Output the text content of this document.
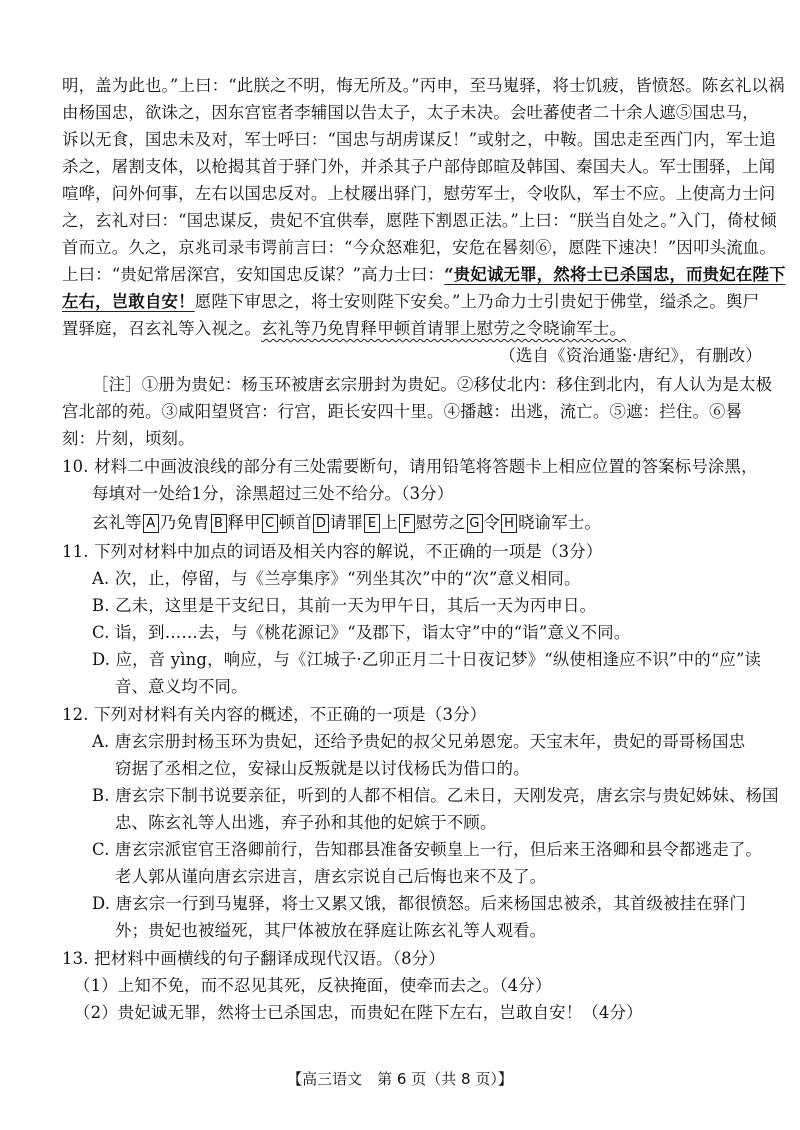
明，盖为此也。”上曰：“此朕之不明，悔无所及。”丙申，至马嵬驿，将士饥疲，皆愤怒。陈玄礼以祸
由杨国忠，欲诛之，因东宫宦者李辅国以告太子，太子未决。会吐蕃使者二十余人遮⑤国忠马，
诉以无食，国忠未及对，军士呼曰：“国忠与胡虏谋反！”或射之，中鞍。国忠走至西门内，军士追
杀之，屠割支体，以枪揭其首于驿门外，并杀其子户部侍郎暄及韩国、秦国夫人。军士围驿，上闻
喧哗，问外何事，左右以国忠反对。上杖屦出驿门，慰劳军士，令收队，军士不应。上使高力士问
之，玄礼对曰：“国忠谋反，贵妃不宜供奉，愿陛下割恩正法。”上曰：“朕当自处之。”入门，倚杖倾
首而立。久之，京兆司录韦谔前言曰：“今众怒难犯，安危在晷刻⑥，愿陛下速决！”因叩头流血。
上曰：“贵妃常居深宫，安知国忠反谋？”高力士曰：“贵妃诚无罪，然将士已杀国忠，而贵妃在陛下
左右，岂敢自安！愿陛下审思之，将士安则陛下安矣。”上乃命力士引贵妃于佛堂，缢杀之。舆尸
置驿庭，召玄礼等入视之。玄礼等乃免胄释甲顿首请罪上慰劳之令晓谕军士。
（选自《资治通鉴·唐纪》，有删改）
［注］①册为贵妃：杨玉环被唐玄宗册封为贵妃。②移仗北内：移住到北内，有人认为是太极
宫北部的苑。③咸阳望贤宫：行宫，距长安四十里。④播越：出逃，流亡。⑤遮：拦住。⑥晷
刻：片刻，顷刻。
10. 材料二中画波浪线的部分有三处需要断句，请用铅笔将答题卡上相应位置的答案标号涂黑，
每填对一处给1分，涂黑超过三处不给分。（3分）
玄礼等 A 乃免胄 B 释甲 C 顿首 D 请罪 E 上 F 慰劳之 G 令 H 晓谕军士。
11. 下列对材料中加点的词语及相关内容的解说，不正确的一项是（3分）
A. 次，止，停留，与《兰亭集序》“列坐其次”中的“次”意义相同。
B. 乙未，这里是干支纪日，其前一天为甲午日，其后一天为丙申日。
C. 诣，到……去，与《桃花源记》“及郡下，诣太守”中的“诣”意义不同。
D. 应，音 yìng，响应，与《江城子·乙卯正月二十日夜记梦》“纵使相逢应不识”中的“应”读
音、意义均不同。
12. 下列对材料有关内容的概述，不正确的一项是（3分）
A. 唐玄宗册封杨玉环为贵妃，还给予贵妃的叔父兄弟恩宠。天宝末年，贵妃的哥哥杨国忠
窃据了丞相之位，安禄山反叛就是以讨伐杨氏为借口的。
B. 唐玄宗下制书说要亲征，听到的人都不相信。乙未日，天刚发亮，唐玄宗与贵妃姊妹、杨国
忠、陈玄礼等人出逃，弃子孙和其他的妃嫔于不顾。
C. 唐玄宗派宦官王洛卿前行，告知郡县准备安顿皇上一行，但后来王洛卿和县令都逃走了。
老人郭从谨向唐玄宗进言，唐玄宗说自己后悔也来不及了。
D. 唐玄宗一行到马嵬驿，将士又累又饿，都很愤怒。后来杨国忠被杀，其首级被挂在驿门
外；贵妃也被缢死，其尸体被放在驿庭让陈玄礼等人观看。
13. 把材料中画横线的句子翻译成现代汉语。（8分）
（1）上知不免，而不忍见其死，反袂掩面，使牵而去之。（4分）
（2）贵妃诚无罪，然将士已杀国忠，而贵妃在陛下左右，岂敢自安！（4分）
【高三语文　第 6 页（共 8 页）】
